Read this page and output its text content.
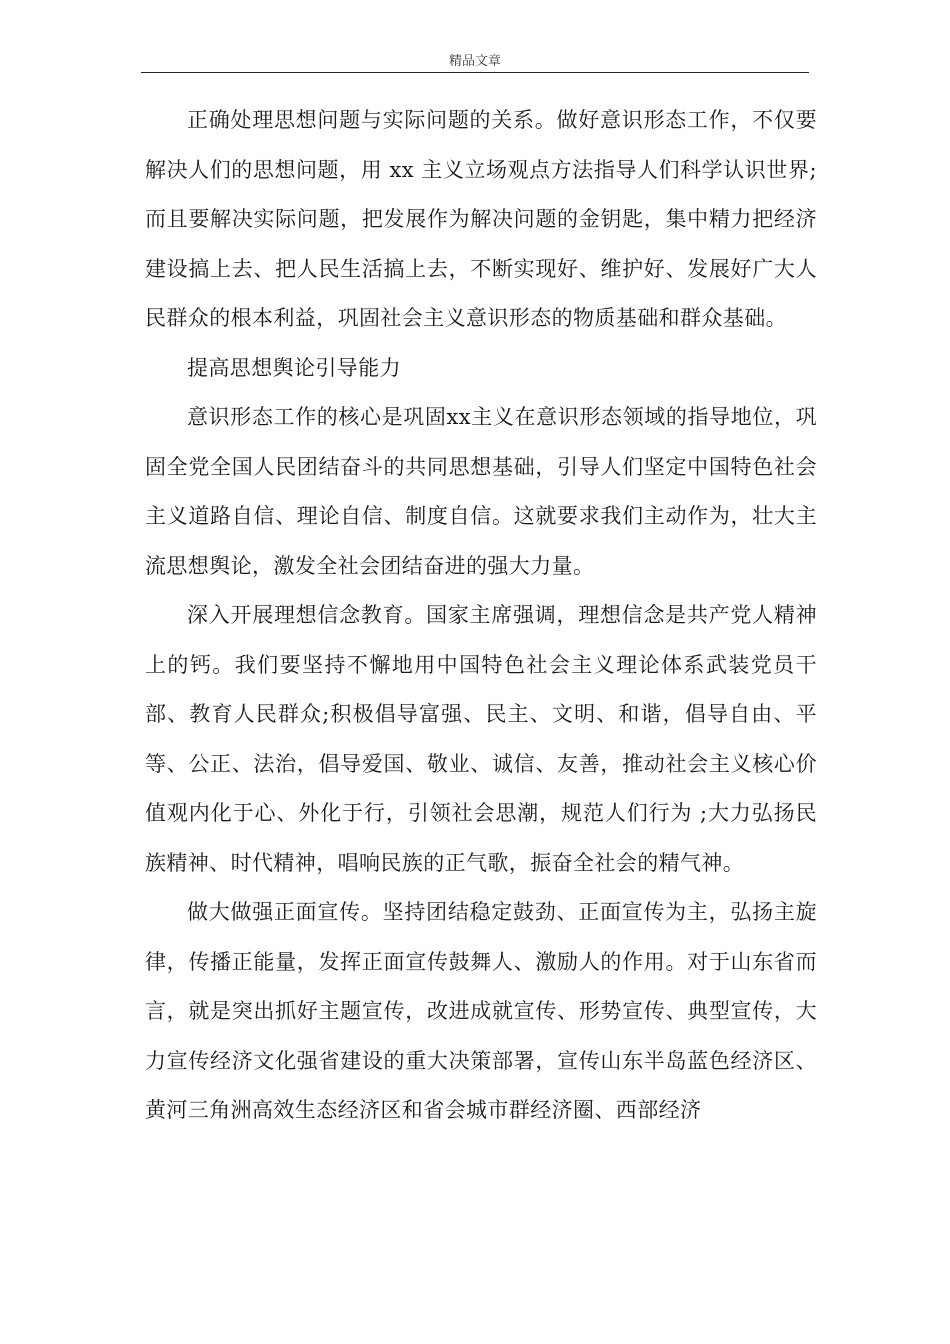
精品文章

正确处理思想问题与实际问题的关系。做好意识形态工作，不仅要解决人们的思想问题，用 xx 主义立场观点方法指导人们科学认识世界;而且要解决实际问题，把发展作为解决问题的金钥匙，集中精力把经济建设搞上去、把人民生活搞上去，不断实现好、维护好、发展好广大人民群众的根本利益，巩固社会主义意识形态的物质基础和群众基础。

提高思想舆论引导能力

意识形态工作的核心是巩固xx主义在意识形态领域的指导地位，巩固全党全国人民团结奋斗的共同思想基础，引导人们坚定中国特色社会主义道路自信、理论自信、制度自信。这就要求我们主动作为，壮大主流思想舆论，激发全社会团结奋进的强大力量。

深入开展理想信念教育。国家主席强调，理想信念是共产党人精神上的钙。我们要坚持不懈地用中国特色社会主义理论体系武装党员干部、教育人民群众;积极倡导富强、民主、文明、和谐，倡导自由、平等、公正、法治，倡导爱国、敬业、诚信、友善，推动社会主义核心价值观内化于心、外化于行，引领社会思潮，规范人们行为 ;大力弘扬民族精神、时代精神，唱响民族的正气歌，振奋全社会的精气神。

做大做强正面宣传。坚持团结稳定鼓劲、正面宣传为主，弘扬主旋律，传播正能量，发挥正面宣传鼓舞人、激励人的作用。对于山东省而言，就是突出抓好主题宣传，改进成就宣传、形势宣传、典型宣传，大力宣传经济文化强省建设的重大决策部署，宣传山东半岛蓝色经济区、黄河三角洲高效生态经济区和省会城市群经济圈、西部经济
